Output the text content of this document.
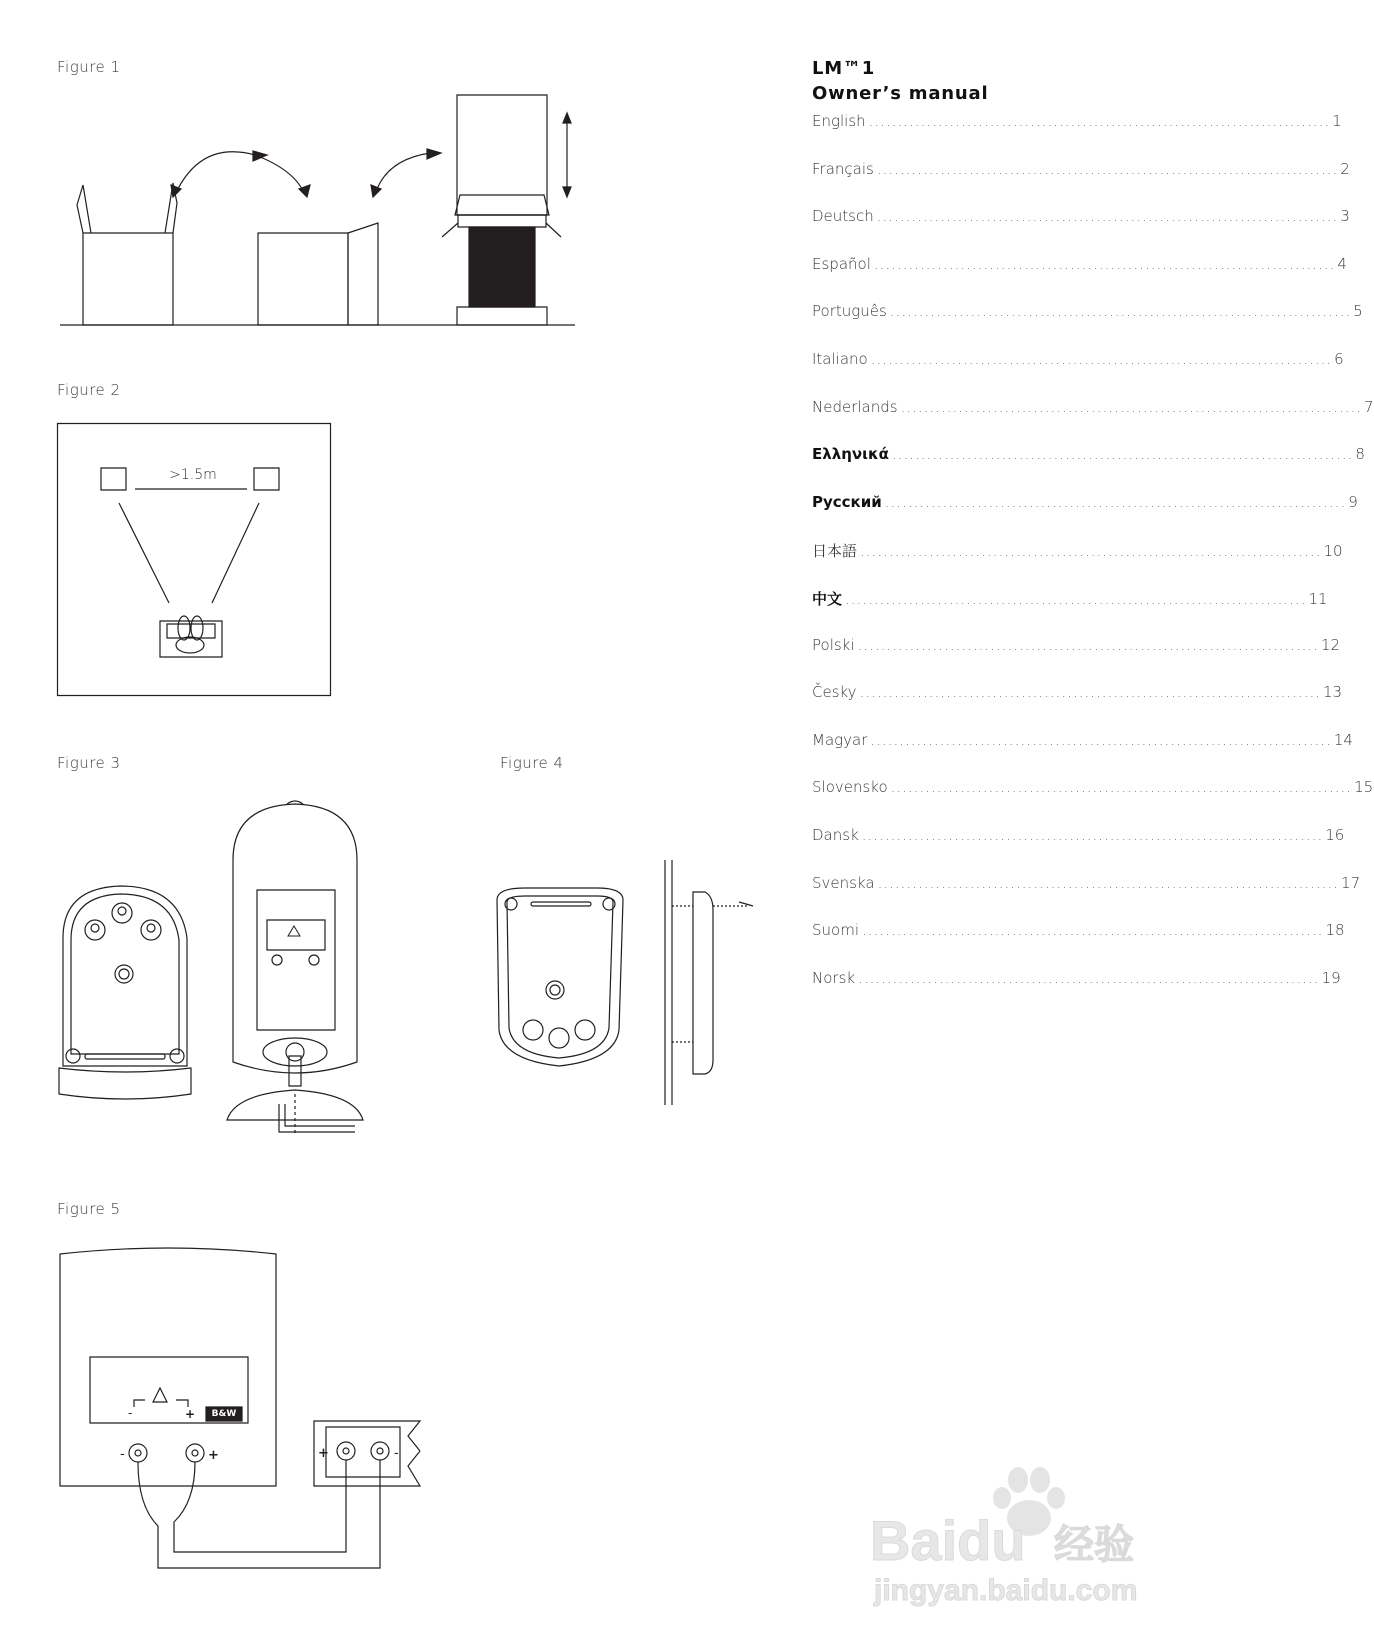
Figure 1
Figure 2
Figure 3	Figure 4
Figure 5
>1.5m
-	+
-	+	+	-
B&W
LM™1
Owner’s manual
English ................................................................................ 1
Français ................................................................................ 2
Deutsch ................................................................................ 3
Español ................................................................................ 4
Português ................................................................................ 5
Italiano ................................................................................ 6
Nederlands ................................................................................ 7
Ελληνικά ................................................................................ 8
Русский ................................................................................ 9
日本語 ................................................................................ 10
中文 ................................................................................ 11
Polski ................................................................................ 12
Česky ................................................................................ 13
Magyar ................................................................................ 14
Slovensko ................................................................................ 15
Dansk ................................................................................ 16
Svenska ................................................................................ 17
Suomi ................................................................................ 18
Norsk ................................................................................ 19
Baidu 经验
jingyan.baidu.com
